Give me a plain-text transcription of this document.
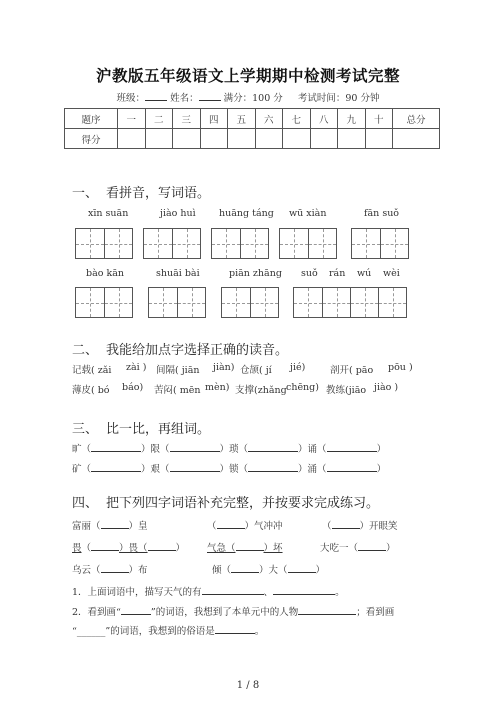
沪教版五年级语文上学期期中检测考试完整
班级：	姓名：	满分：100 分 考试时间：90 分钟
题序	一	二	三	四	五	六	七	八	九	十	总分
得分											
一、 看拼音，写词语。
xīn suān	jiào huì huāng táng wū xiàn	fān suǒ
bào kān	shuāi bài	piān zhāng suǒ rán wú wèi
二、 我能给加点字选择正确的读音。
记载( zǎi zài ) 间隔( jiān jiàn) 仓颉( jí jié)	剖开( pāo pōu )
薄皮( bó báo) 苦闷( mēn mèn) 支撑(zhǎng chēng) 教练(jiāo jiào )
三、 比一比，再组词。
旷（	）限（	）琐（	）诵（	）
矿（	）艰（	）锁（	）涌（	）
四、 把下列四字词语补充完整，并按要求完成练习。
富丽（	）皇	（	）气冲冲	（	）开眼笑
畏（	）畏（	） 气急（	）坏	大吃一（	）
乌云（	）布	倾（	）大（	）
1．上面词语中，描写天气的有	、	。
2．看到画“	”的词语，我想到了本单元中的人物	；看到画
“______”的词语，我想到的俗语是	。
1 / 8
